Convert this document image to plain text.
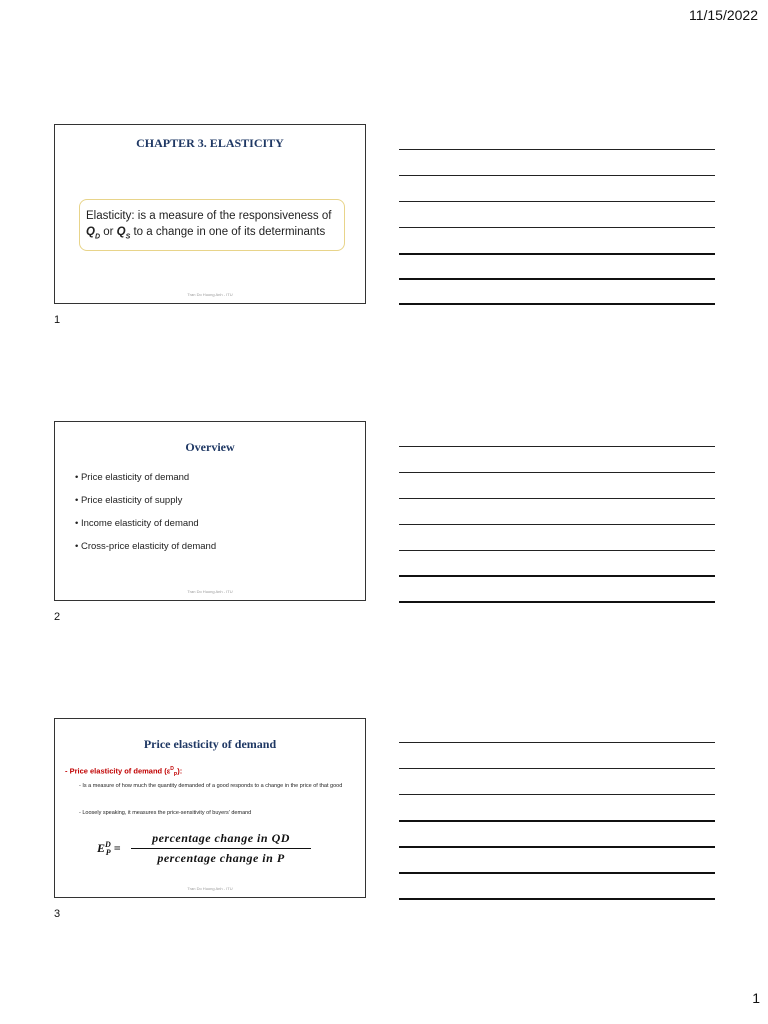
11/15/2022
CHAPTER 3. ELASTICITY
Elasticity: is a measure of the responsiveness of
$Q_D$ or $Q_S$ to a change in one of its determinants
Tran Do Huong Anh - ITU
1
Overview
• Price elasticity of demand
• Price elasticity of supply
• Income elasticity of demand
• Cross-price elasticity of demand
Tran Do Huong Anh - ITU
2
Price elasticity of demand
- Price elasticity of demand $(\varepsilon^D_P)$:
- Is a measure of how much the quantity demanded of a good responds to a change in the price of that good
- Loosely speaking, it measures the price-sensitivity of buyers' demand
$E^D_P$ =
percentage change in QD
percentage change in P
Tran Do Huong Anh - ITU
3
1
